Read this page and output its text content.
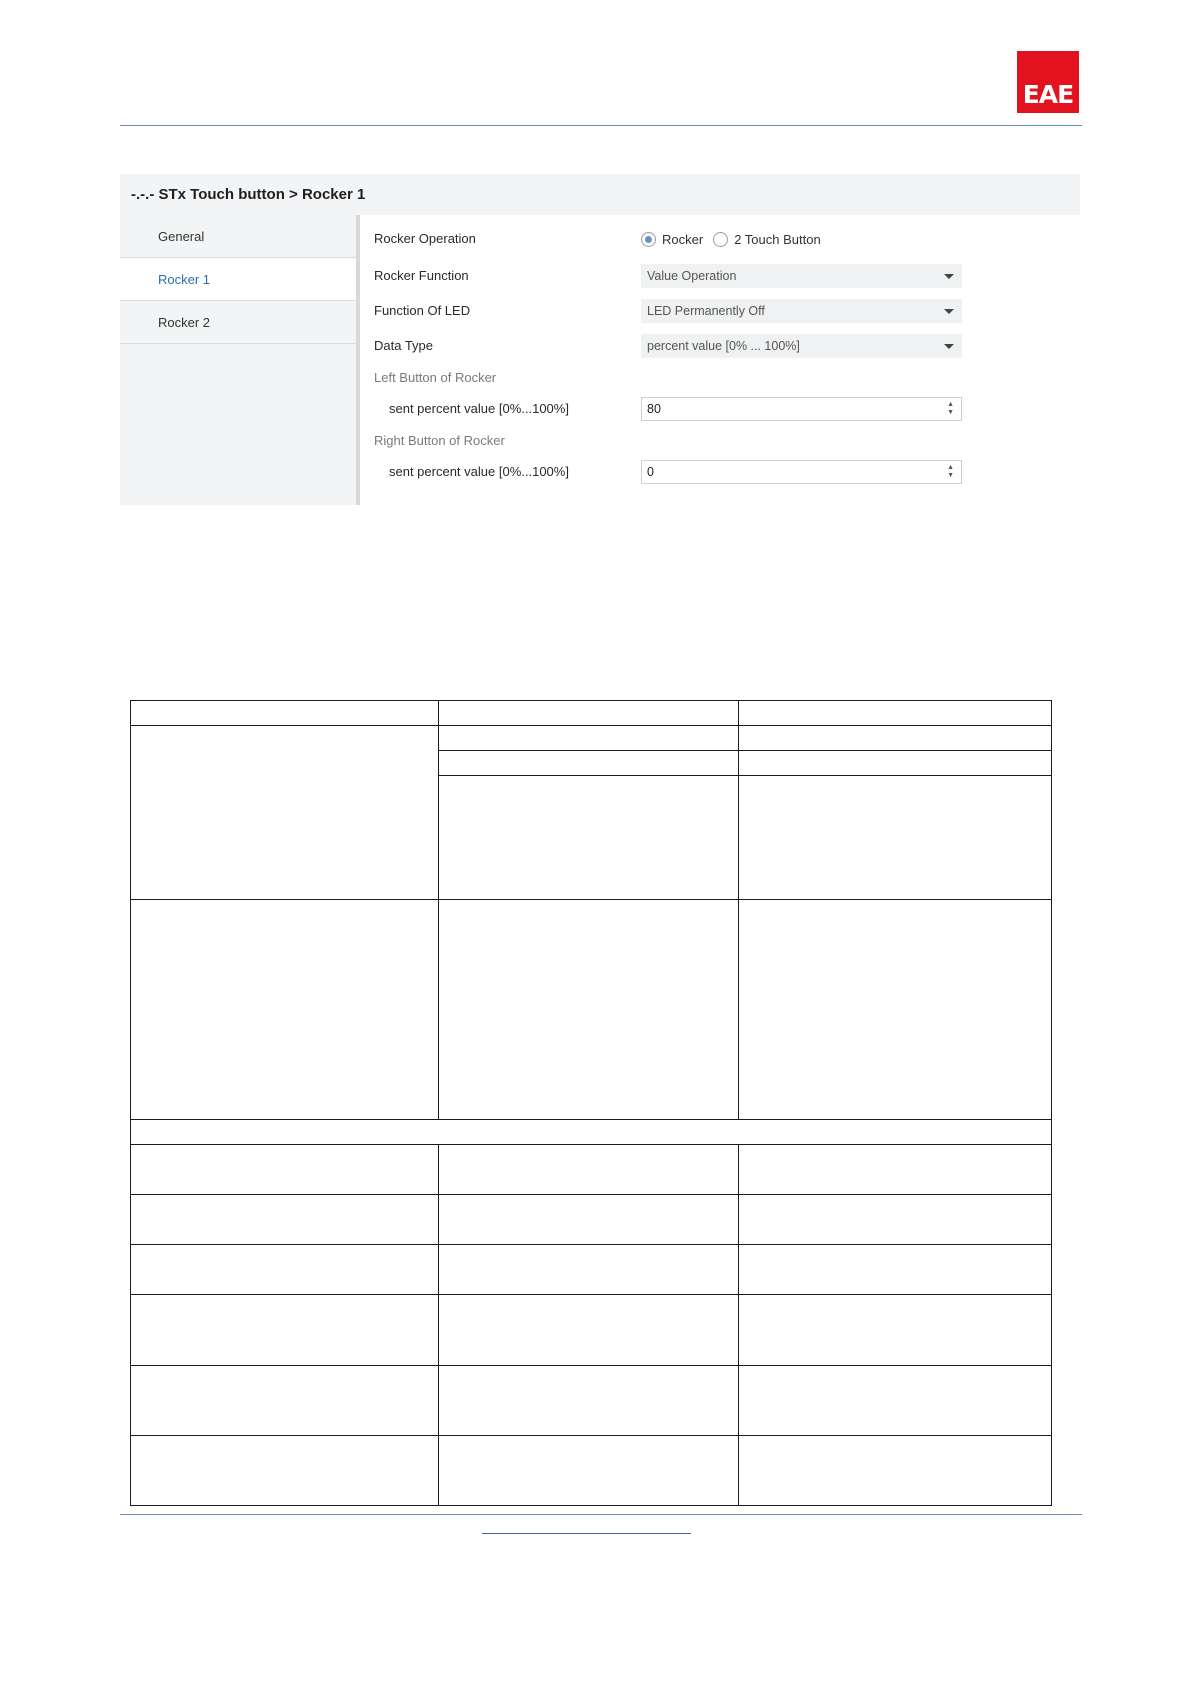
EAE
-.-.- STx Touch button > Rocker 1
General
Rocker 1
Rocker 2
Rocker Operation	Rocker 2 Touch Button
Rocker Function	Value Operation
Function Of LED	LED Permanently Off
Data Type	percent value [0% ... 100%]
Left Button of Rocker
sent percent value [0%...100%]	80	▲
▼
Right Button of Rocker
sent percent value [0%...100%]	0	▲
▼
